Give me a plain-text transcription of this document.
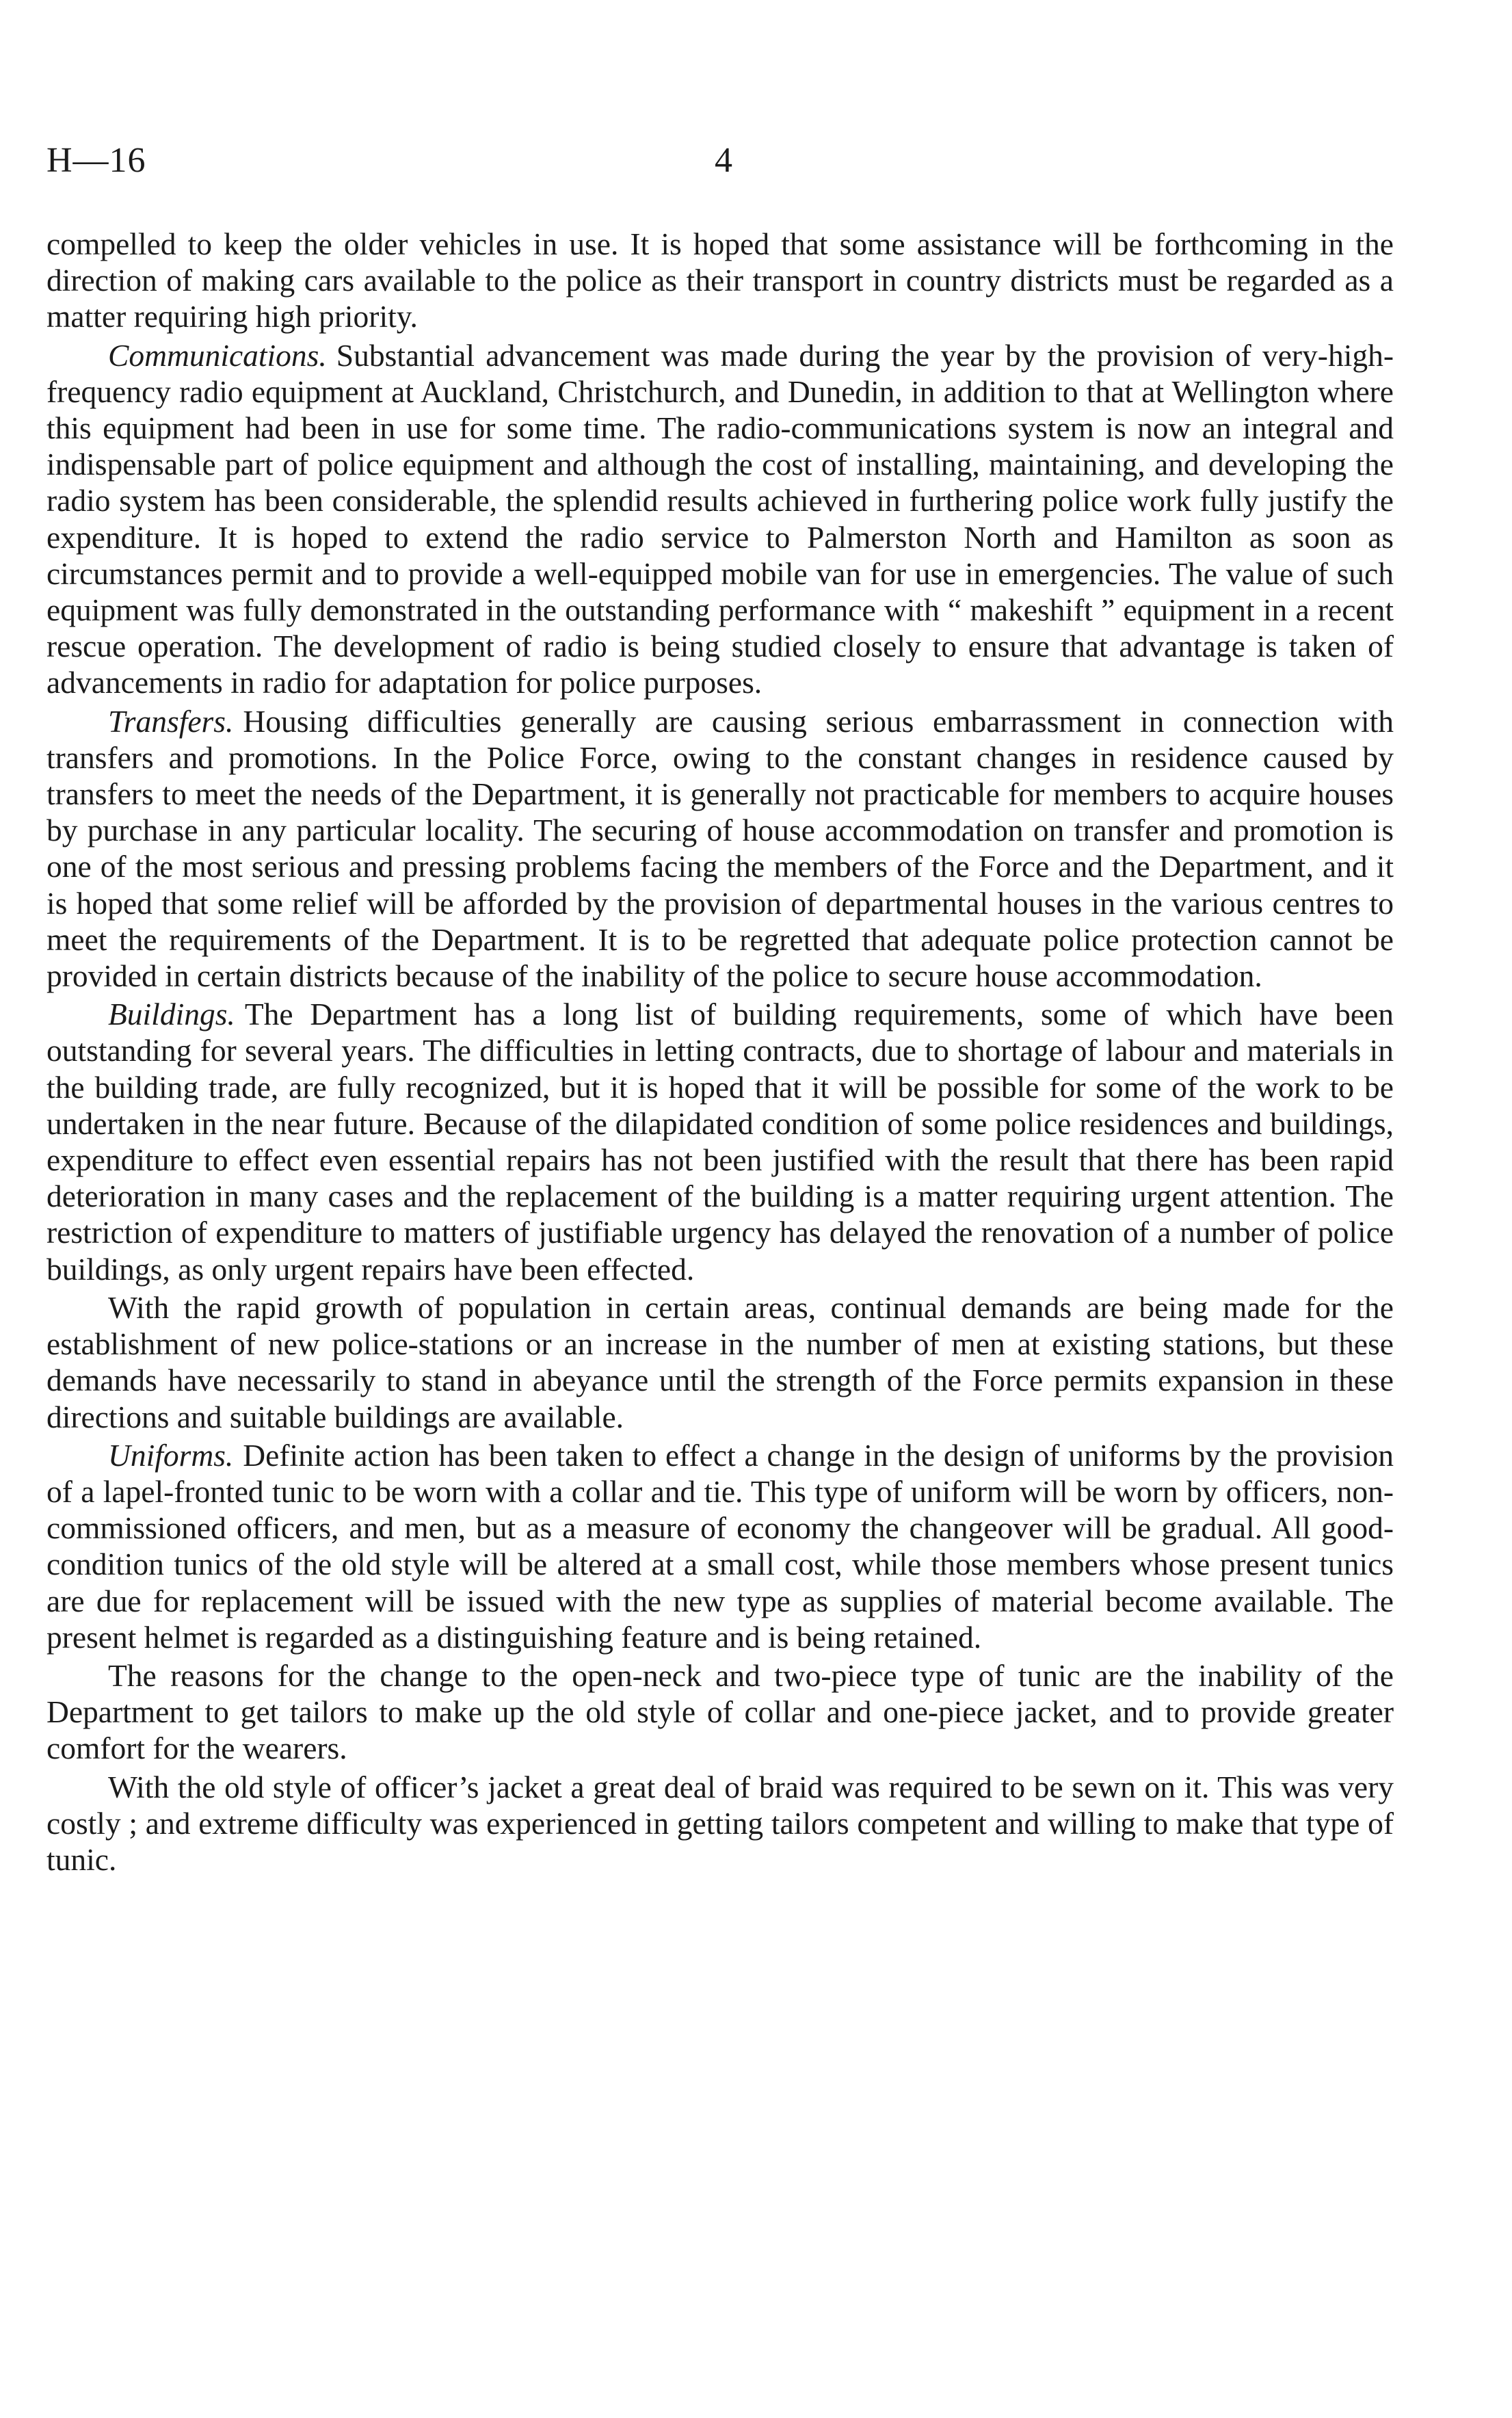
H—16	4

compelled to keep the older vehicles in use. It is hoped that some assistance will be forthcoming in the direction of making cars available to the police as their transport in country districts must be regarded as a matter requiring high priority.

Communications. Substantial advancement was made during the year by the provision of very-high-frequency radio equipment at Auckland, Christchurch, and Dunedin, in addition to that at Wellington where this equipment had been in use for some time. The radio-communications system is now an integral and indispensable part of police equipment and although the cost of installing, maintaining, and developing the radio system has been considerable, the splendid results achieved in furthering police work fully justify the expenditure. It is hoped to extend the radio service to Palmerston North and Hamilton as soon as circumstances permit and to provide a well-equipped mobile van for use in emergencies. The value of such equipment was fully demonstrated in the outstanding performance with “ makeshift ” equipment in a recent rescue operation. The development of radio is being studied closely to ensure that advantage is taken of advancements in radio for adaptation for police purposes.

Transfers. Housing difficulties generally are causing serious embarrassment in connection with transfers and promotions. In the Police Force, owing to the constant changes in residence caused by transfers to meet the needs of the Department, it is generally not practicable for members to acquire houses by purchase in any particular locality. The securing of house accommodation on transfer and promotion is one of the most serious and pressing problems facing the members of the Force and the Department, and it is hoped that some relief will be afforded by the provision of departmental houses in the various centres to meet the requirements of the Department. It is to be regretted that adequate police protection cannot be provided in certain districts because of the inability of the police to secure house accommodation.

Buildings. The Department has a long list of building requirements, some of which have been outstanding for several years. The difficulties in letting contracts, due to shortage of labour and materials in the building trade, are fully recognized, but it is hoped that it will be possible for some of the work to be undertaken in the near future. Because of the dilapidated condition of some police residences and buildings, expenditure to effect even essential repairs has not been justified with the result that there has been rapid deterioration in many cases and the replacement of the building is a matter requiring urgent attention. The restriction of expenditure to matters of justifiable urgency has delayed the renovation of a number of police buildings, as only urgent repairs have been effected.

With the rapid growth of population in certain areas, continual demands are being made for the establishment of new police-stations or an increase in the number of men at existing stations, but these demands have necessarily to stand in abeyance until the strength of the Force permits expansion in these directions and suitable buildings are available.

Uniforms. Definite action has been taken to effect a change in the design of uniforms by the provision of a lapel-fronted tunic to be worn with a collar and tie. This type of uniform will be worn by officers, non-commissioned officers, and men, but as a measure of economy the changeover will be gradual. All good-condition tunics of the old style will be altered at a small cost, while those members whose present tunics are due for replacement will be issued with the new type as supplies of material become available. The present helmet is regarded as a distinguishing feature and is being retained.

The reasons for the change to the open-neck and two-piece type of tunic are the inability of the Department to get tailors to make up the old style of collar and one-piece jacket, and to provide greater comfort for the wearers.

With the old style of officer’s jacket a great deal of braid was required to be sewn on it. This was very costly ; and extreme difficulty was experienced in getting tailors competent and willing to make that type of tunic.
